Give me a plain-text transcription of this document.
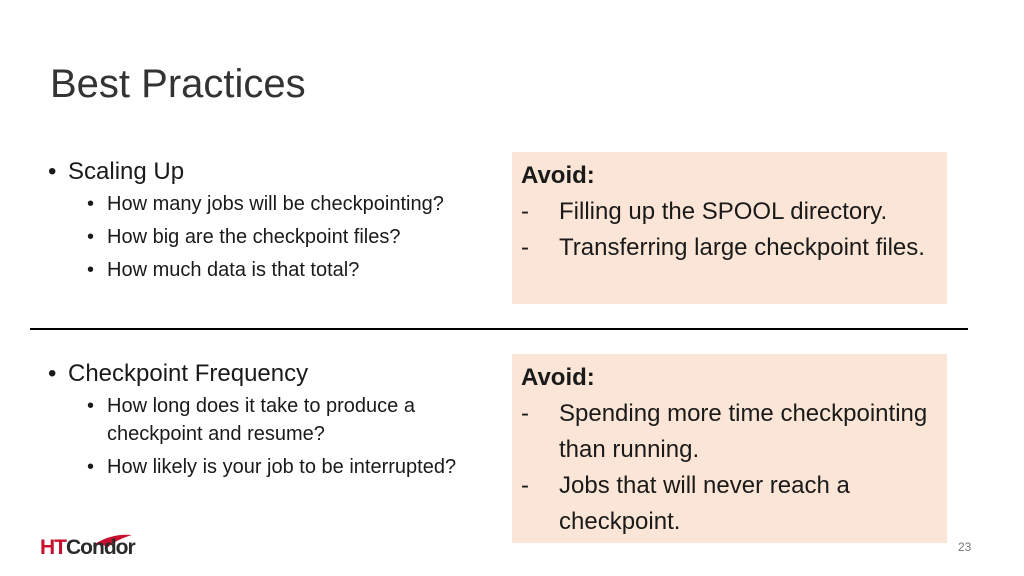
Best Practices
• Scaling Up
• How many jobs will be checkpointing?
• How big are the checkpoint files?
• How much data is that total?
Avoid:
- Filling up the SPOOL directory.
- Transferring large checkpoint files.
• Checkpoint Frequency
• How long does it take to produce a checkpoint and resume?
• How likely is your job to be interrupted?
Avoid:
- Spending more time checkpointing than running.
- Jobs that will never reach a checkpoint.
HTCondor	23
